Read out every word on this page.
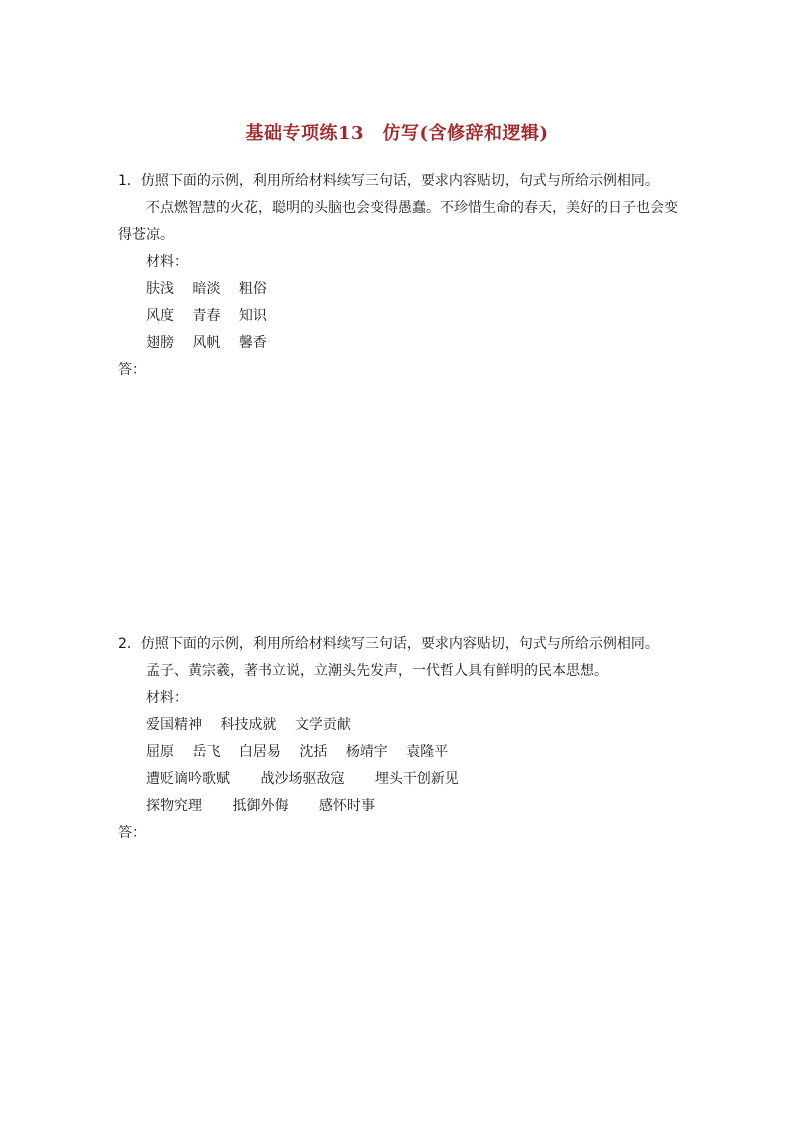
基础专项练13　仿写(含修辞和逻辑)
1．仿照下面的示例，利用所给材料续写三句话，要求内容贴切，句式与所给示例相同。
不点燃智慧的火花，聪明的头脑也会变得愚蠢。不珍惜生命的春天，美好的日子也会变
得苍凉。
材料：
肤浅 暗淡 粗俗
风度 青春 知识
翅膀 风帆 馨香
答：
2．仿照下面的示例，利用所给材料续写三句话，要求内容贴切，句式与所给示例相同。
孟子、黄宗羲，著书立说，立潮头先发声，一代哲人具有鲜明的民本思想。
材料：
爱国精神 科技成就 文学贡献
屈原 岳飞 白居易 沈括 杨靖宇 袁隆平
遭贬谪吟歌赋 战沙场驱敌寇 埋头干创新见
探物究理 抵御外侮 感怀时事
答：
